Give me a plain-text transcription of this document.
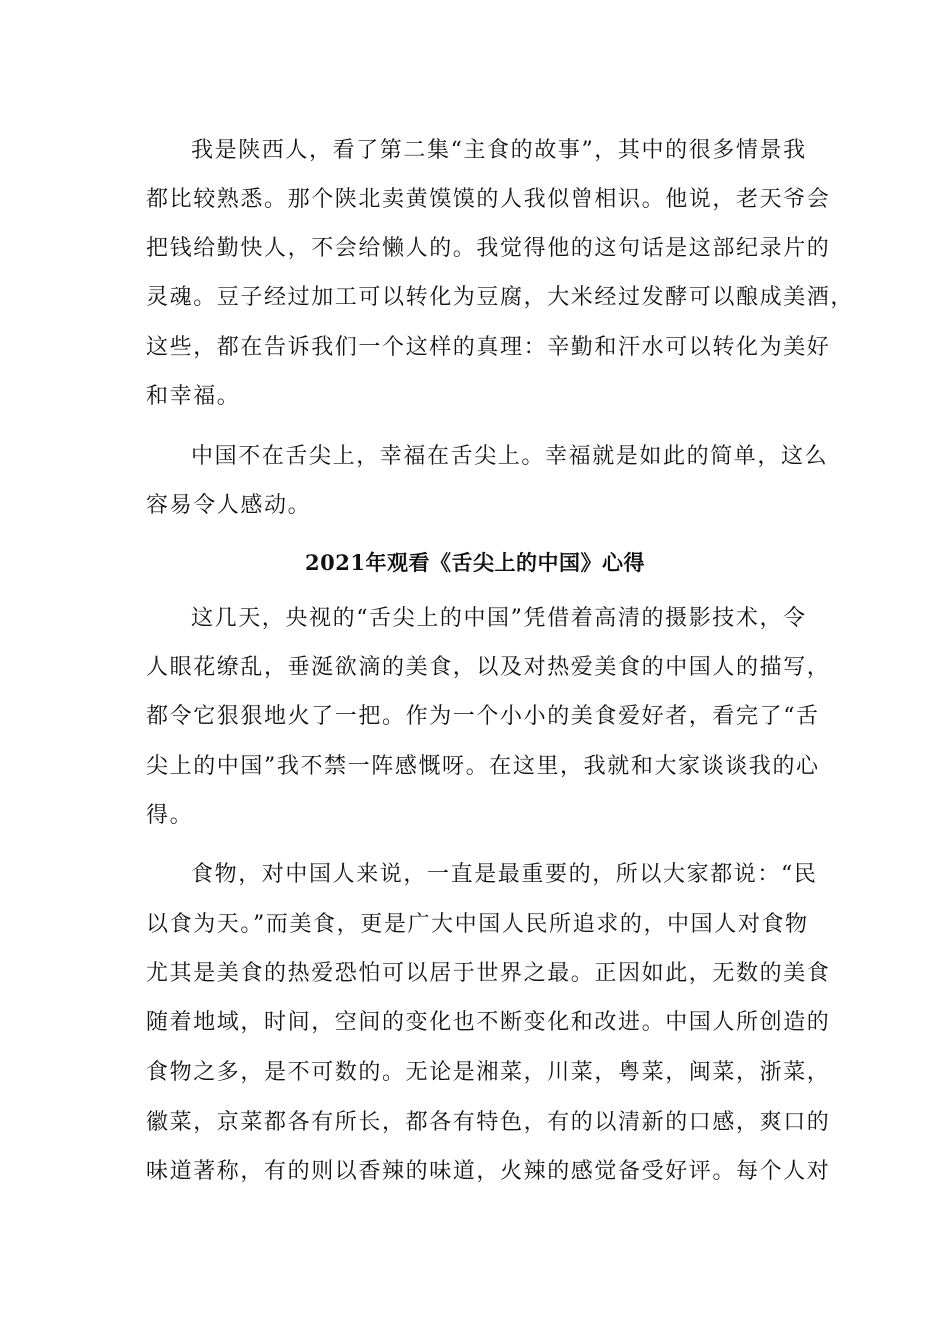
我是陕西人，看了第二集“主食的故事”，其中的很多情景我
都比较熟悉。那个陕北卖黄馍馍的人我似曾相识。他说，老天爷会
把钱给勤快人，不会给懒人的。我觉得他的这句话是这部纪录片的
灵魂。豆子经过加工可以转化为豆腐，大米经过发酵可以酿成美酒，
这些，都在告诉我们一个这样的真理：辛勤和汗水可以转化为美好
和幸福。
中国不在舌尖上，幸福在舌尖上。幸福就是如此的简单，这么
容易令人感动。
2021年观看《舌尖上的中国》心得
这几天，央视的“舌尖上的中国”凭借着高清的摄影技术，令
人眼花缭乱，垂涎欲滴的美食，以及对热爱美食的中国人的描写，
都令它狠狠地火了一把。作为一个小小的美食爱好者，看完了“舌
尖上的中国”我不禁一阵感慨呀。在这里，我就和大家谈谈我的心
得。
食物，对中国人来说，一直是最重要的，所以大家都说：“民
以食为天。”而美食，更是广大中国人民所追求的，中国人对食物
尤其是美食的热爱恐怕可以居于世界之最。正因如此，无数的美食
随着地域，时间，空间的变化也不断变化和改进。中国人所创造的
食物之多，是不可数的。无论是湘菜，川菜，粤菜，闽菜，浙菜，
徽菜，京菜都各有所长，都各有特色，有的以清新的口感，爽口的
味道著称，有的则以香辣的味道，火辣的感觉备受好评。每个人对
